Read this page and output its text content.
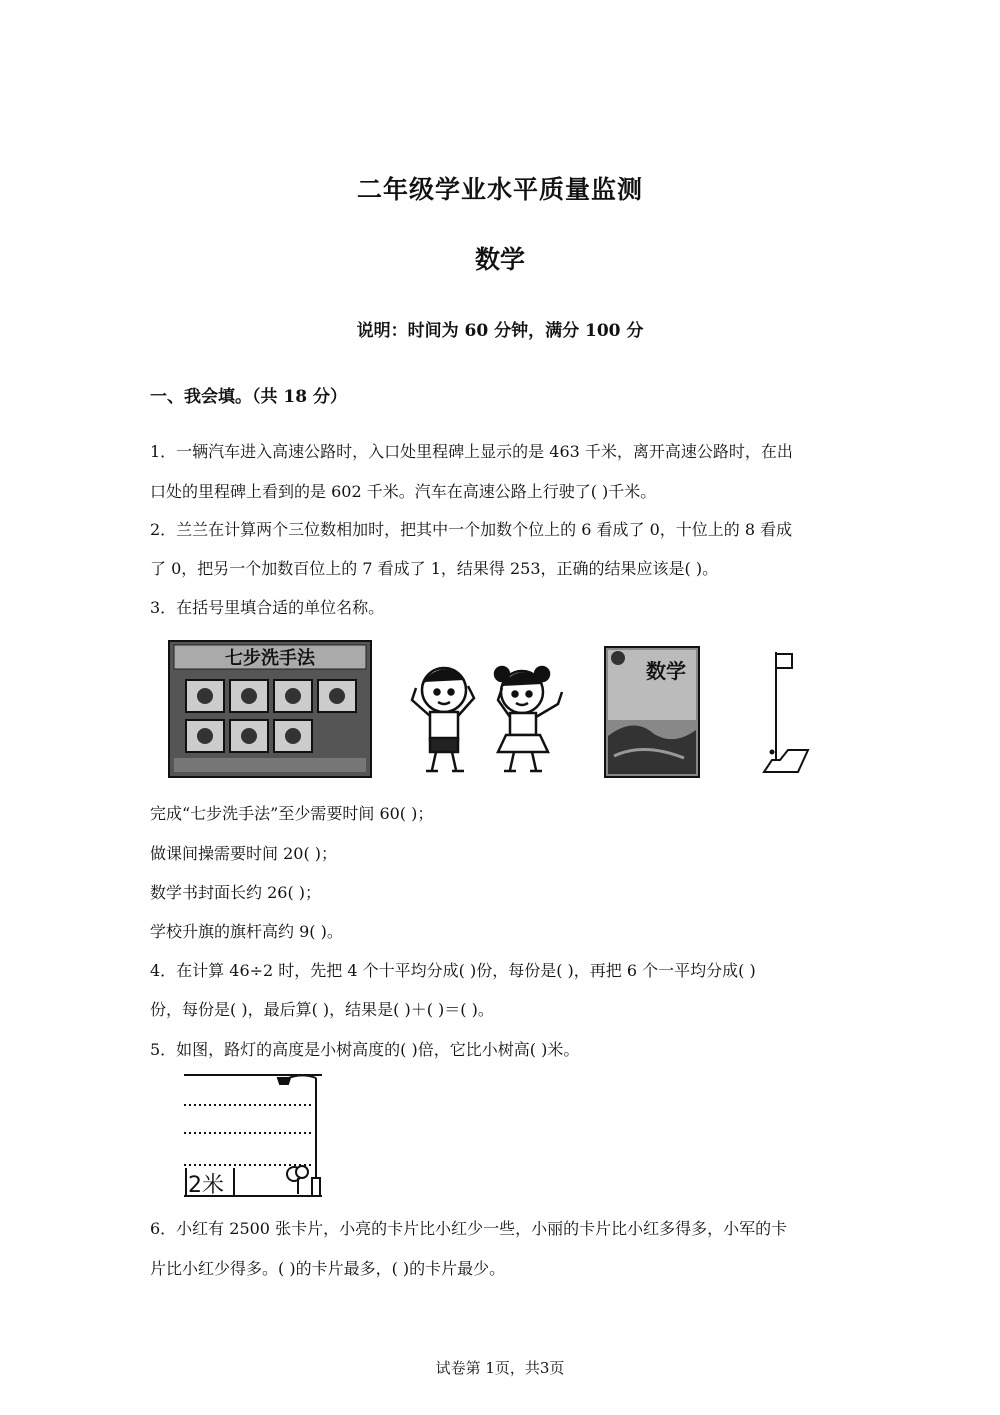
二年级学业水平质量监测
数学
说明：时间为 60 分钟，满分 100 分
一、我会填。（共 18 分）
1．一辆汽车进入高速公路时，入口处里程碑上显示的是 463 千米，离开高速公路时，在出
口处的里程碑上看到的是 602 千米。汽车在高速公路上行驶了( )千米。
2．兰兰在计算两个三位数相加时，把其中一个加数个位上的 6 看成了 0，十位上的 8 看成
了 0，把另一个加数百位上的 7 看成了 1，结果得 253，正确的结果应该是( )。
3．在括号里填合适的单位名称。
七步洗手法
数学
完成“七步洗手法”至少需要时间 60( )；
做课间操需要时间 20( )；
数学书封面长约 26( )；
学校升旗的旗杆高约 9( )。
4．在计算 46÷2 时，先把 4 个十平均分成( )份，每份是( )，再把 6 个一平均分成( )
份，每份是( )，最后算( )，结果是( )＋( )＝( )。
5．如图，路灯的高度是小树高度的( )倍，它比小树高( )米。
2米
6．小红有 2500 张卡片，小亮的卡片比小红少一些，小丽的卡片比小红多得多，小军的卡
片比小红少得多。( )的卡片最多，( )的卡片最少。
试卷第 1页，共3页
